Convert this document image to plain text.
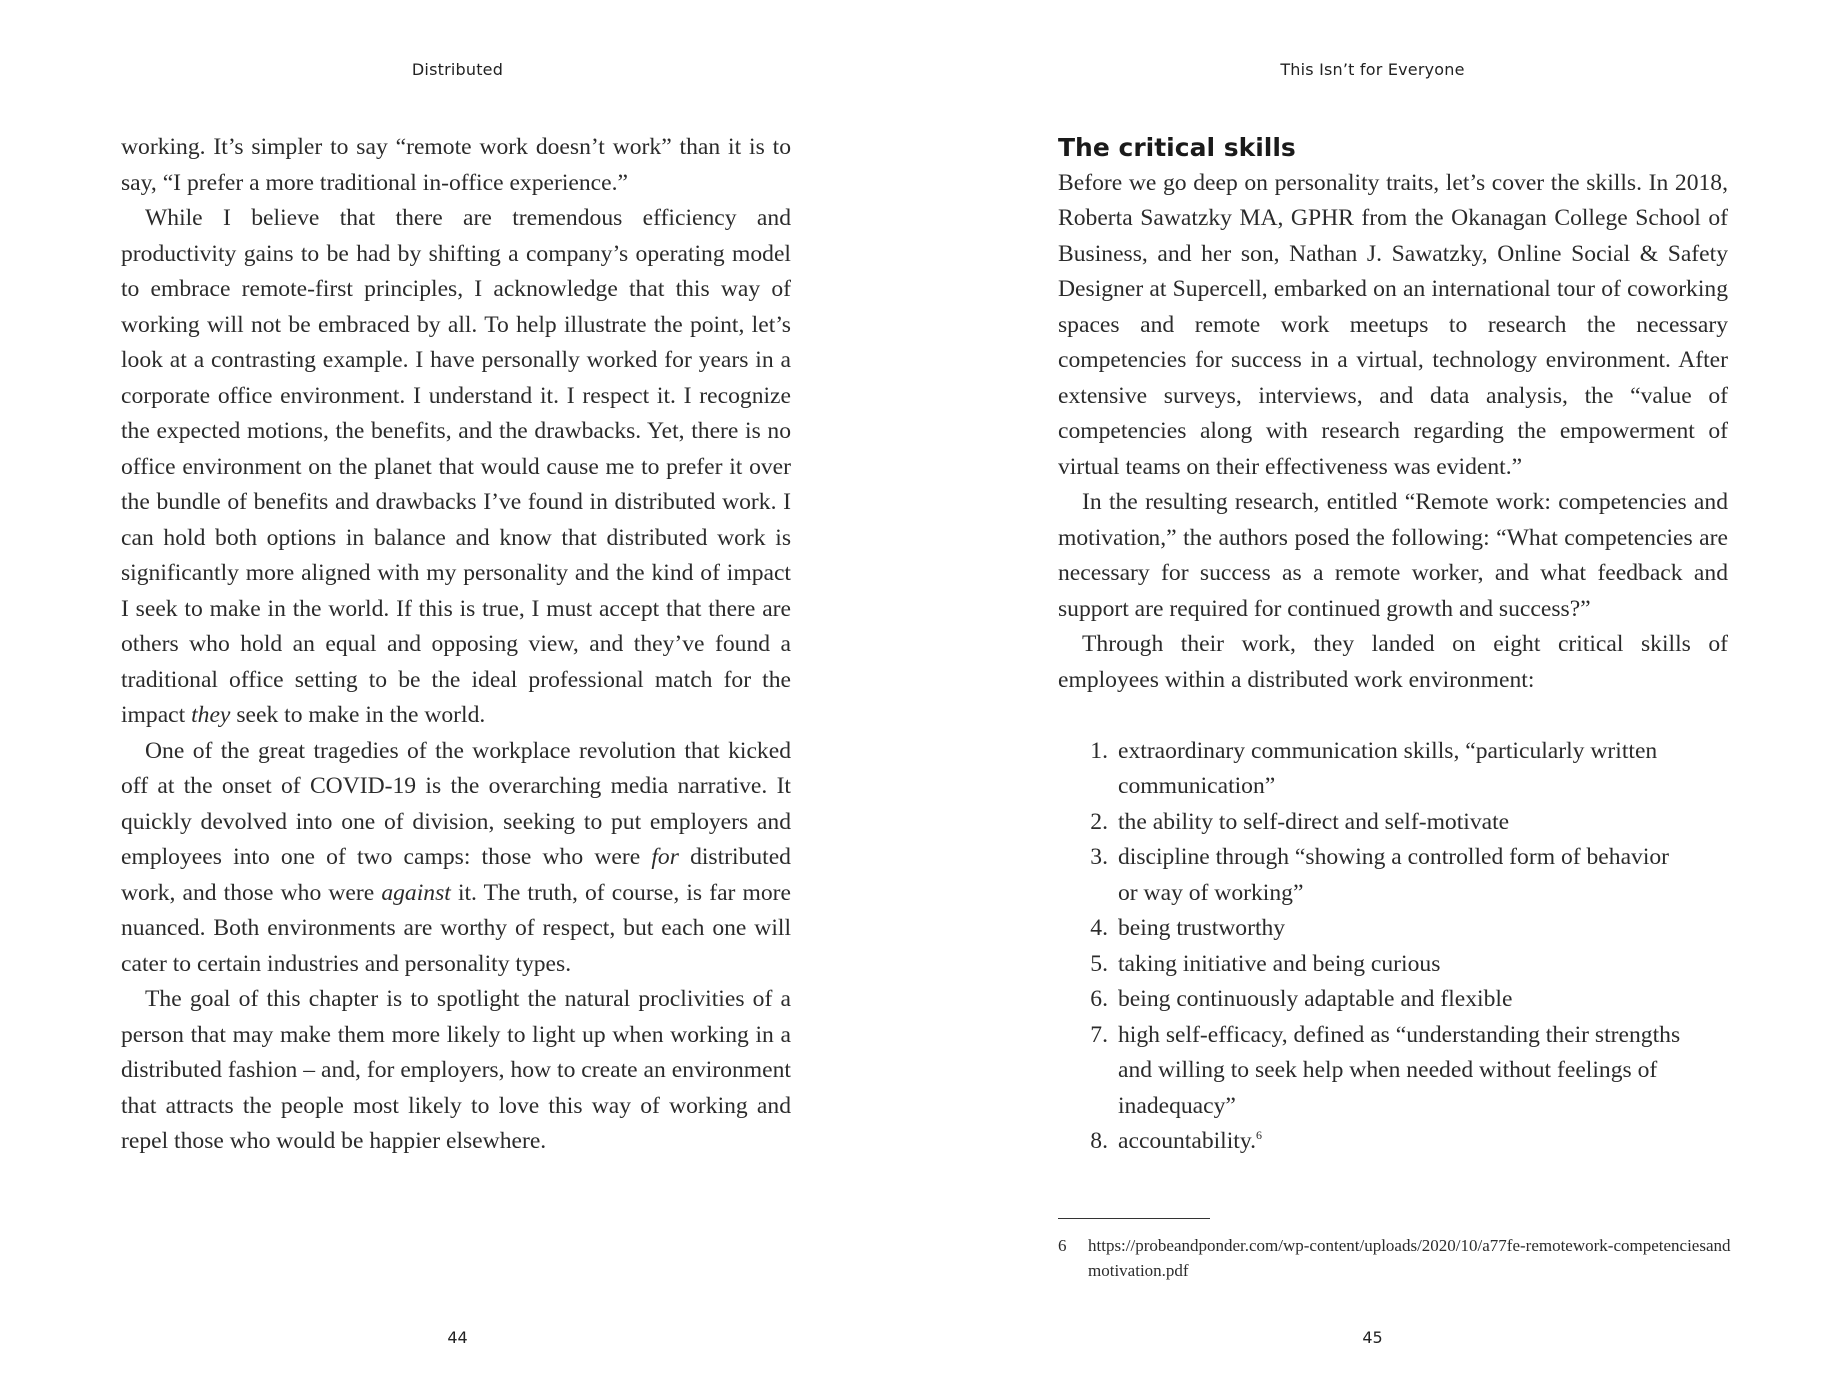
Distributed

working. It’s simpler to say “remote work doesn’t work” than it is to say, “I prefer a more traditional in-office experience.”

While I believe that there are tremendous efficiency and productivity gains to be had by shifting a company’s operating model to embrace remote-first principles, I acknowledge that this way of working will not be embraced by all. To help illustrate the point, let’s look at a contrasting example. I have personally worked for years in a corporate office environment. I understand it. I respect it. I recognize the expected motions, the benefits, and the drawbacks. Yet, there is no office environment on the planet that would cause me to prefer it over the bundle of benefits and drawbacks I’ve found in distributed work. I can hold both options in balance and know that distributed work is significantly more aligned with my personality and the kind of impact I seek to make in the world. If this is true, I must accept that there are others who hold an equal and opposing view, and they’ve found a traditional office setting to be the ideal professional match for the impact they seek to make in the world.

One of the great tragedies of the workplace revolution that kicked off at the onset of COVID-19 is the overarching media narrative. It quickly devolved into one of division, seeking to put employers and employees into one of two camps: those who were for distributed work, and those who were against it. The truth, of course, is far more nuanced. Both environments are worthy of respect, but each one will cater to certain industries and personality types.

The goal of this chapter is to spotlight the natural proclivities of a person that may make them more likely to light up when working in a distributed fashion – and, for employers, how to create an environment that attracts the people most likely to love this way of working and repel those who would be happier elsewhere.

44
This Isn’t for Everyone
The critical skills

Before we go deep on personality traits, let’s cover the skills. In 2018, Roberta Sawatzky MA, GPHR from the Okanagan College School of Business, and her son, Nathan J. Sawatzky, Online Social & Safety Designer at Supercell, embarked on an international tour of coworking spaces and remote work meetups to research the necessary competencies for success in a virtual, technology environment. After extensive surveys, interviews, and data analysis, the “value of competencies along with research regarding the empowerment of virtual teams on their effectiveness was evident.”

In the resulting research, entitled “Remote work: competencies and motivation,” the authors posed the following: “What competencies are necessary for success as a remote worker, and what feedback and support are required for continued growth and success?”

Through their work, they landed on eight critical skills of employees within a distributed work environment:

1. extraordinary communication skills, “particularly written communication”
2. the ability to self-direct and self-motivate
3. discipline through “showing a controlled form of behavior or way of working”
4. being trustworthy
5. taking initiative and being curious
6. being continuously adaptable and flexible
7. high self-efficacy, defined as “understanding their strengths and willing to seek help when needed without feelings of inadequacy”
8. accountability.$^6$
6	https://probeandponder.com/wp-content/uploads/2020/10/a77fe-remotework-competenciesandmotivation.pdf
45
